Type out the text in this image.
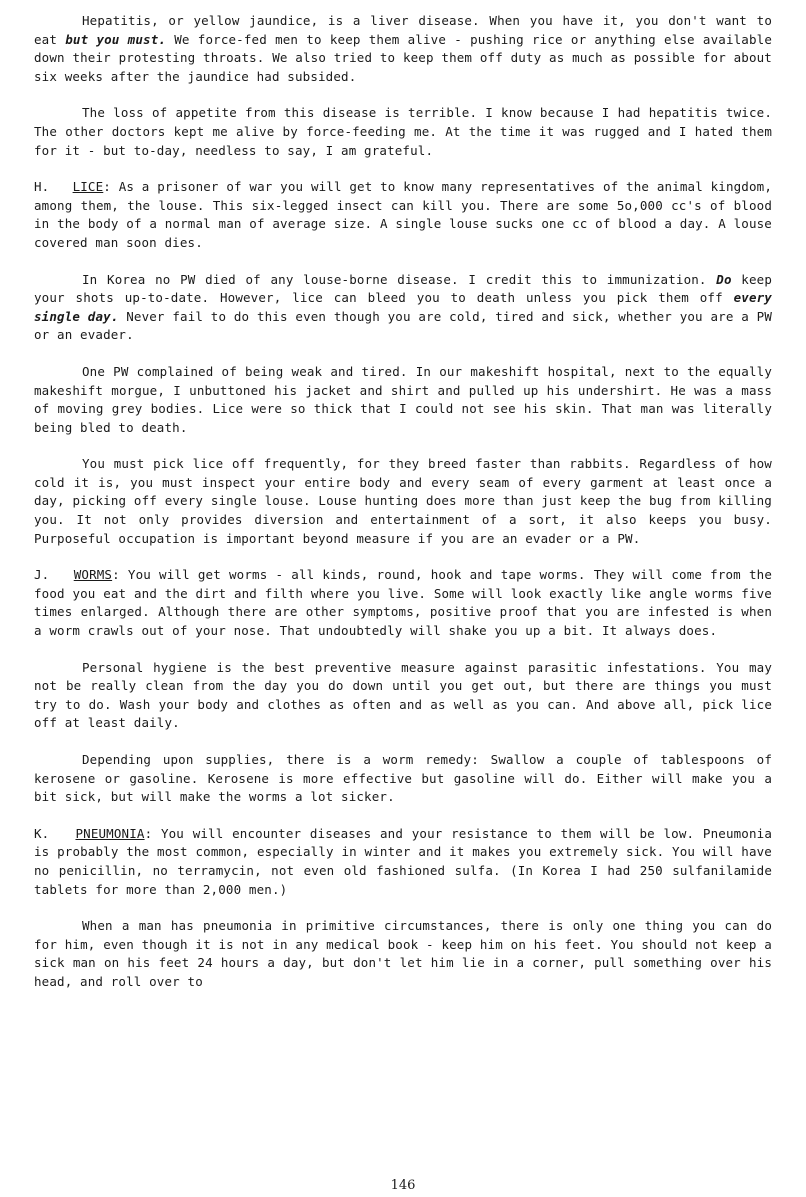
Hepatitis, or yellow jaundice, is a liver disease. When you have it, you don't want to eat but you must. We force-fed men to keep them alive - pushing rice or anything else available down their protesting throats. We also tried to keep them off duty as much as possible for about six weeks after the jaundice had subsided.

The loss of appetite from this disease is terrible. I know because I had hepatitis twice. The other doctors kept me alive by force-feeding me. At the time it was rugged and I hated them for it - but to-day, needless to say, I am grateful.

H. LICE: As a prisoner of war you will get to know many representatives of the animal kingdom, among them, the louse. This six-legged insect can kill you. There are some 5o,000 cc's of blood in the body of a normal man of average size. A single louse sucks one cc of blood a day. A louse covered man soon dies.

In Korea no PW died of any louse-borne disease. I credit this to immunization. Do keep your shots up-to-date. However, lice can bleed you to death unless you pick them off every single day. Never fail to do this even though you are cold, tired and sick, whether you are a PW or an evader.

One PW complained of being weak and tired. In our makeshift hospital, next to the equally makeshift morgue, I unbuttoned his jacket and shirt and pulled up his undershirt. He was a mass of moving grey bodies. Lice were so thick that I could not see his skin. That man was literally being bled to death.

You must pick lice off frequently, for they breed faster than rabbits. Regardless of how cold it is, you must inspect your entire body and every seam of every garment at least once a day, picking off every single louse. Louse hunting does more than just keep the bug from killing you. It not only provides diversion and entertainment of a sort, it also keeps you busy. Purposeful occupation is important beyond measure if you are an evader or a PW.

J. WORMS: You will get worms - all kinds, round, hook and tape worms. They will come from the food you eat and the dirt and filth where you live. Some will look exactly like angle worms five times enlarged. Although there are other symptoms, positive proof that you are infested is when a worm crawls out of your nose. That undoubtedly will shake you up a bit. It always does.

Personal hygiene is the best preventive measure against parasitic infestations. You may not be really clean from the day you do down until you get out, but there are things you must try to do. Wash your body and clothes as often and as well as you can. And above all, pick lice off at least daily.

Depending upon supplies, there is a worm remedy: Swallow a couple of tablespoons of kerosene or gasoline. Kerosene is more effective but gasoline will do. Either will make you a bit sick, but will make the worms a lot sicker.

K. PNEUMONIA: You will encounter diseases and your resistance to them will be low. Pneumonia is probably the most common, especially in winter and it makes you extremely sick. You will have no penicillin, no terramycin, not even old fashioned sulfa. (In Korea I had 250 sulfanilamide tablets for more than 2,000 men.)

When a man has pneumonia in primitive circumstances, there is only one thing you can do for him, even though it is not in any medical book - keep him on his feet. You should not keep a sick man on his feet 24 hours a day, but don't let him lie in a corner, pull something over his head, and roll over to

146
